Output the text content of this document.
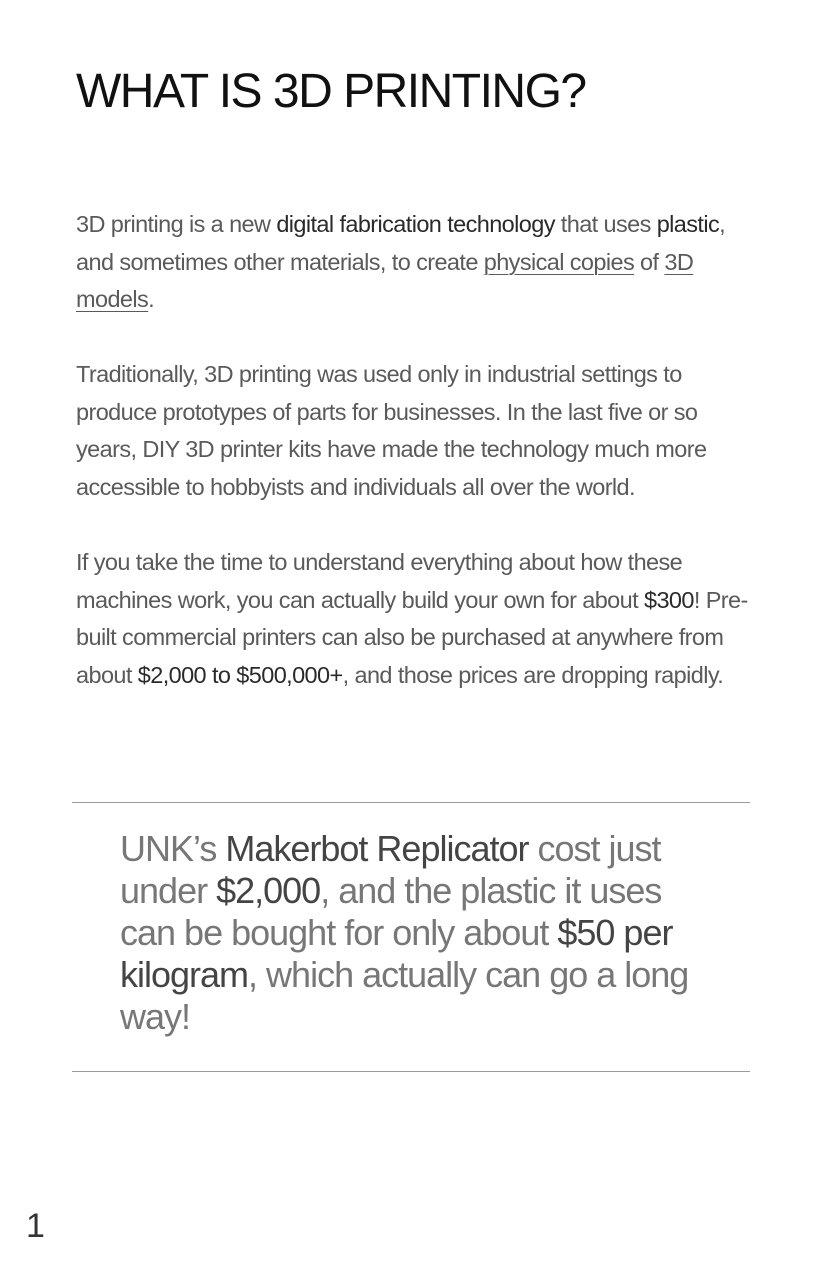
WHAT IS 3D PRINTING?

3D printing is a new digital fabrication technology that uses plastic, and sometimes other materials, to create physical copies of 3D models.

Traditionally, 3D printing was used only in industrial settings to produce prototypes of parts for businesses. In the last five or so years, DIY 3D printer kits have made the technology much more accessible to hobbyists and individuals all over the world.

If you take the time to understand everything about how these machines work, you can actually build your own for about $300! Pre-built commercial printers can also be purchased at anywhere from about $2,000 to $500,000+, and those prices are dropping rapidly.

UNK’s Makerbot Replicator cost just under $2,000, and the plastic it uses can be bought for only about $50 per kilogram, which actually can go a long way!

1
